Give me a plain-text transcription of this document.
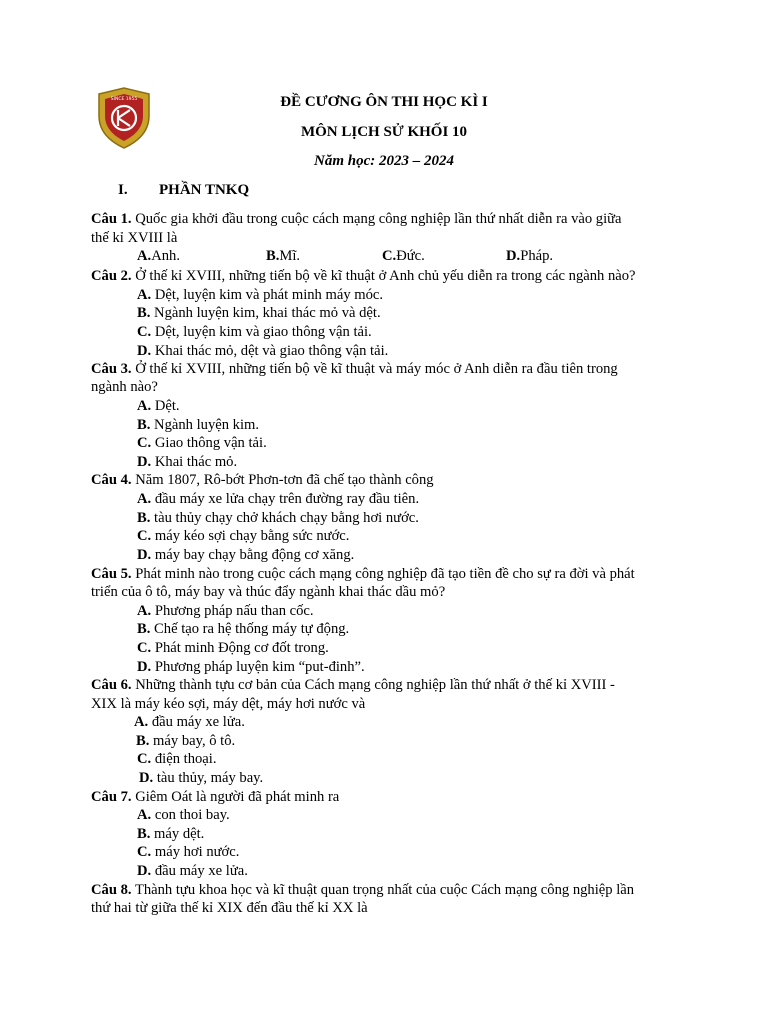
SINCE 1955	ĐỀ CƯƠNG ÔN THI HỌC KÌ I
MÔN LỊCH SỬ KHỐI 10
Năm học: 2023 – 2024
I. PHẦN TNKQ
Câu 1. Quốc gia khởi đầu trong cuộc cách mạng công nghiệp lần thứ nhất diễn ra vào giữa
thế kỉ XVIII là
A. Anh.	B. Mĩ.	C. Đức.	D. Pháp.
Câu 2. Ở thế kỉ XVIII, những tiến bộ về kĩ thuật ở Anh chủ yếu diễn ra trong các ngành nào?
A. Dệt, luyện kim và phát minh máy móc.
B. Ngành luyện kim, khai thác mỏ và dệt.
C. Dệt, luyện kim và giao thông vận tải.
D. Khai thác mỏ, dệt và giao thông vận tải.
Câu 3. Ở thế kỉ XVIII, những tiến bộ về kĩ thuật và máy móc ở Anh diễn ra đầu tiên trong
ngành nào?
A. Dệt.
B. Ngành luyện kim.
C. Giao thông vận tải.
D. Khai thác mỏ.
Câu 4. Năm 1807, Rô-bớt Phơn-tơn đã chế tạo thành công
A. đầu máy xe lửa chạy trên đường ray đầu tiên.
B. tàu thủy chạy chở khách chạy bằng hơi nước.
C. máy kéo sợi chạy bằng sức nước.
D. máy bay chạy bằng động cơ xăng.
Câu 5. Phát minh nào trong cuộc cách mạng công nghiệp đã tạo tiền đề cho sự ra đời và phát
triển của ô tô, máy bay và thúc đẩy ngành khai thác dầu mỏ?
A. Phương pháp nấu than cốc.
B. Chế tạo ra hệ thống máy tự động.
C. Phát minh Động cơ đốt trong.
D. Phương pháp luyện kim “put-đinh”.
Câu 6. Những thành tựu cơ bản của Cách mạng công nghiệp lần thứ nhất ở thế kỉ XVIII -
XIX là máy kéo sợi, máy dệt, máy hơi nước và
A. đầu máy xe lửa.
B. máy bay, ô tô.
C. điện thoại.
D. tàu thủy, máy bay.
Câu 7. Giêm Oát là người đã phát minh ra
A. con thoi bay.
B. máy dệt.
C. máy hơi nước.
D. đầu máy xe lửa.
Câu 8. Thành tựu khoa học và kĩ thuật quan trọng nhất của cuộc Cách mạng công nghiệp lần
thứ hai từ giữa thế kỉ XIX đến đầu thế kỉ XX là
